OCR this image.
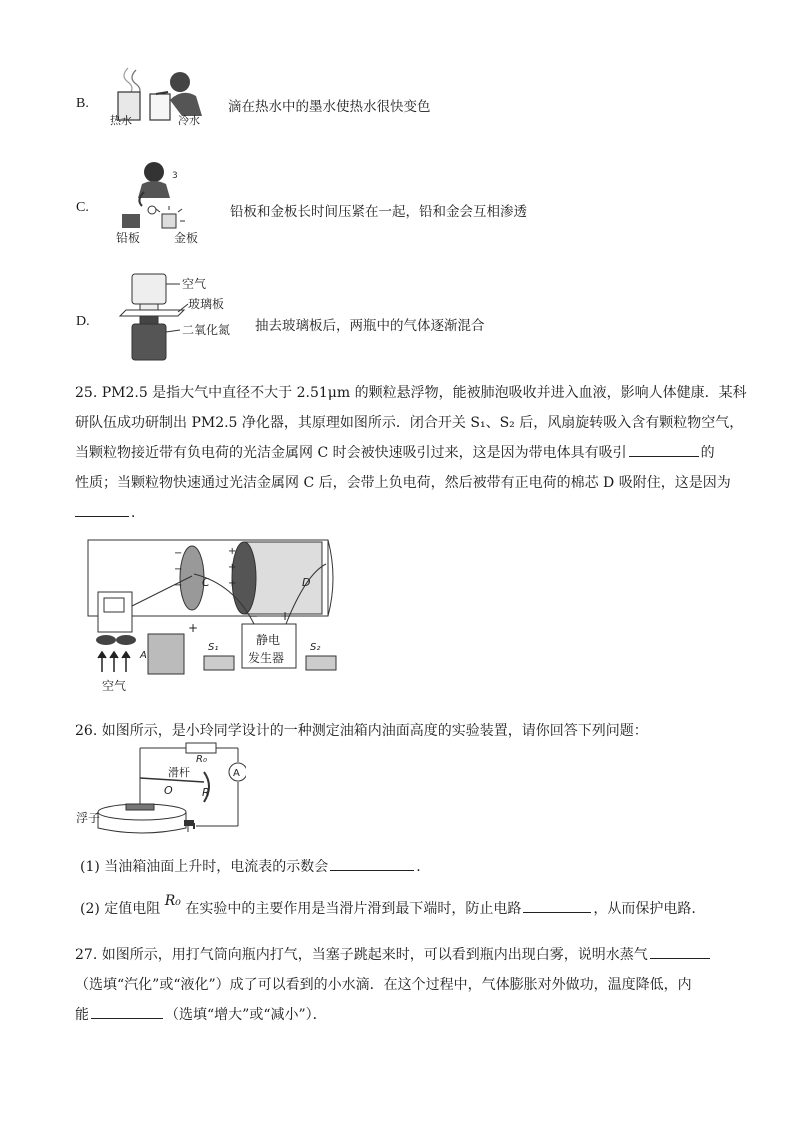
B.
热水	冷水
滴在热水中的墨水使热水很快变色
C.
3
铅板	金板
铅板和金板长时间压紧在一起，铅和金会互相渗透
D.
空气
玻璃板
二氧化氮 抽去玻璃板后，两瓶中的气体逐渐混合
25. PM2.5 是指大气中直径不大于 2.51μm 的颗粒悬浮物，能被肺泡吸收并进入血液，影响人体健康．某科
研队伍成功研制出 PM2.5 净化器，其原理如图所示．闭合开关 S₁、S₂ 后，风扇旋转吸入含有颗粒物空气，
当颗粒物接近带有负电荷的光洁金属网 C 时会被快速吸引过来，这是因为带电体具有吸引	的
性质；当颗粒物快速通过光洁金属网 C 后，会带上负电荷，然后被带有正电荷的棉芯 D 吸附住，这是因为
．
−
−
−
+
+
+
C	D
A
+
S₁
− +
静电
发生器
S₂
空气
26. 如图所示，是小玲同学设计的一种测定油箱内油面高度的实验装置，请你回答下列问题：
A
R₀
滑杆
R
O
浮子
(1) 当油箱油面上升时，电流表的示数会	.
(2) 定值电阻 R₀ 在实验中的主要作用是当滑片滑到最下端时，防止电路	，从而保护电路.
27. 如图所示，用打气筒向瓶内打气，当塞子跳起来时，可以看到瓶内出现白雾，说明水蒸气
（选填“汽化”或“液化”）成了可以看到的小水滴．在这个过程中，气体膨胀对外做功，温度降低，内
能	（选填“增大”或“减小”）．
